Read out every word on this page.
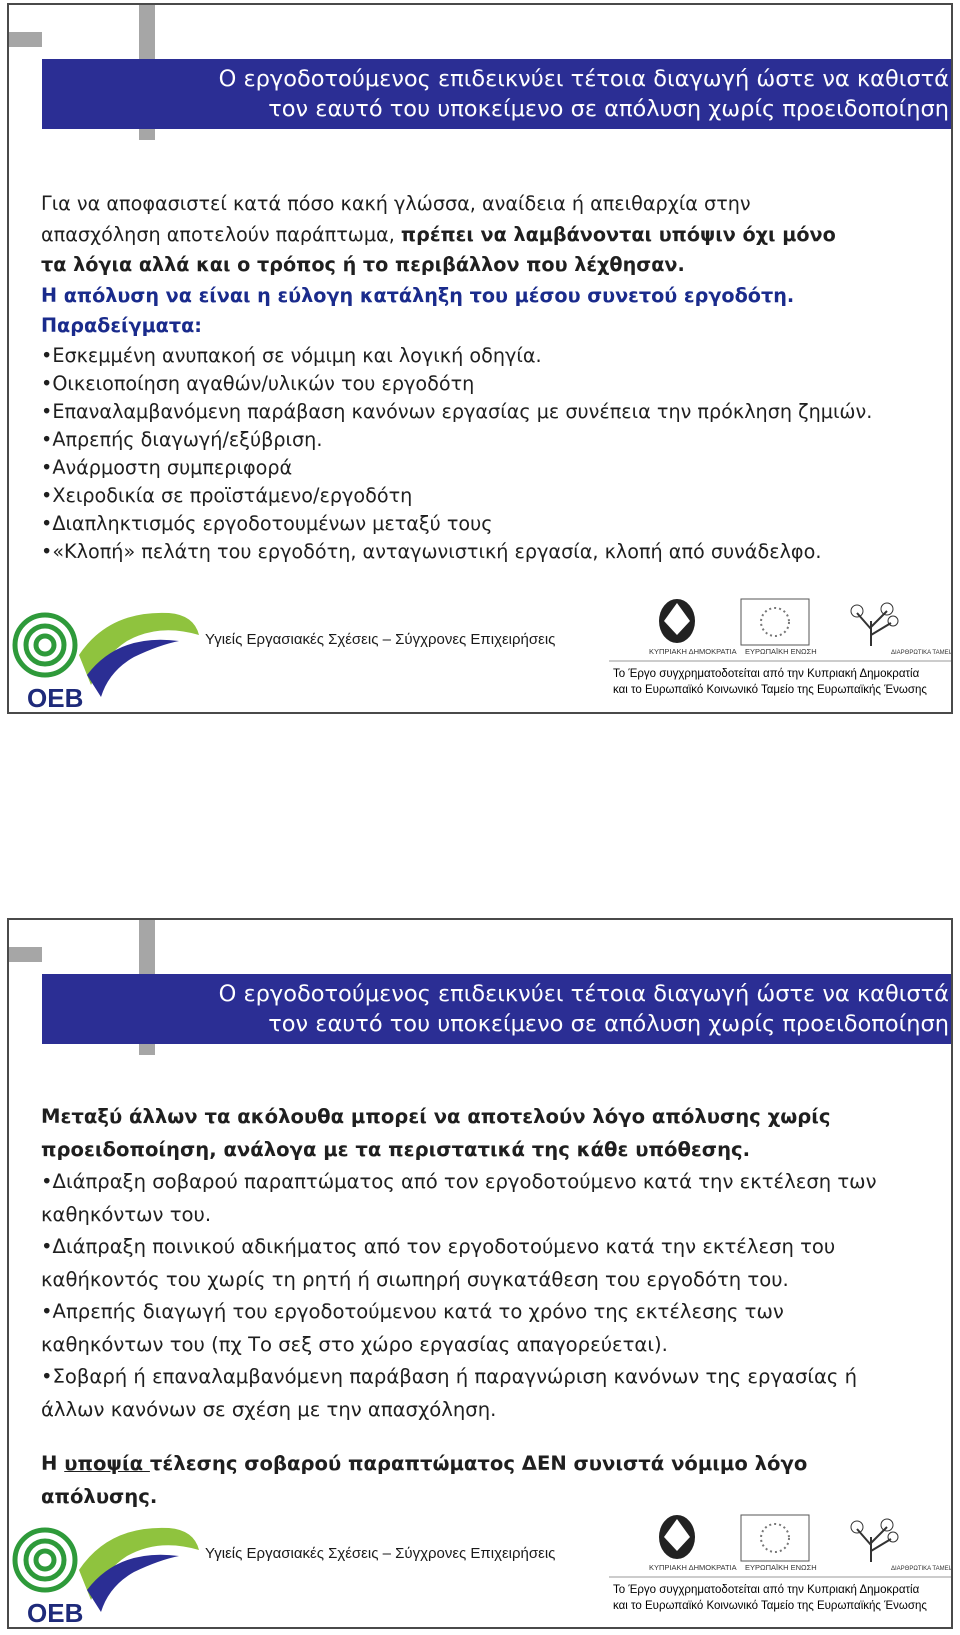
Ο εργοδοτούμενος επιδεικνύει τέτοια διαγωγή ώστε να καθιστά
τον εαυτό του υποκείμενο σε απόλυση χωρίς προειδοποίηση

Για να αποφασιστεί κατά πόσο κακή γλώσσα, αναίδεια ή απειθαρχία στην

απασχόληση αποτελούν παράπτωμα, πρέπει να λαμβάνονται υπόψιν όχι μόνο

τα λόγια αλλά και ο τρόπος ή το περιβάλλον που λέχθησαν.

Η απόλυση να είναι η εύλογη κατάληξη του μέσου συνετού εργοδότη.

Παραδείγματα:

•Εσκεμμένη ανυπακοή σε νόμιμη και λογική οδηγία.

•Οικειοποίηση αγαθών/υλικών του εργοδότη

•Επαναλαμβανόμενη παράβαση κανόνων εργασίας με συνέπεια την πρόκληση ζημιών.

•Απρεπής διαγωγή/εξύβριση.

•Ανάρμοστη συμπεριφορά

•Χειροδικία σε προϊστάμενο/εργοδότη

•Διαπληκτισμός εργοδοτουμένων μεταξύ τους

•«Κλοπή» πελάτη του εργοδότη, ανταγωνιστική εργασία, κλοπή από συνάδελφο.

OEB
Υγιείς Εργασιακές Σχέσεις – Σύγχρονες Επιχειρήσεις
ΚΥΠΡΙΑΚΗ ΔΗΜΟΚΡΑΤΙΑ ΕΥΡΩΠΑΪΚΗ ΕΝΩΣΗ	ΔΙΑΡΘΡΩΤΙΚΑ ΤΑΜΕΙΑ
Το Έργο συγχρηματοδοτείται από την Κυπριακή Δημοκρατία
και το Ευρωπαϊκό Κοινωνικό Ταμείο της Ευρωπαϊκής Ένωσης
Ο εργοδοτούμενος επιδεικνύει τέτοια διαγωγή ώστε να καθιστά
τον εαυτό του υποκείμενο σε απόλυση χωρίς προειδοποίηση

Μεταξύ άλλων τα ακόλουθα μπορεί να αποτελούν λόγο απόλυσης χωρίς

προειδοποίηση, ανάλογα με τα περιστατικά της κάθε υπόθεσης.

•Διάπραξη σοβαρού παραπτώματος από τον εργοδοτούμενο κατά την εκτέλεση των

καθηκόντων του.

•Διάπραξη ποινικού αδικήματος από τον εργοδοτούμενο κατά την εκτέλεση του

καθήκοντός του χωρίς τη ρητή ή σιωπηρή συγκατάθεση του εργοδότη του.

•Απρεπής διαγωγή του εργοδοτούμενου κατά το χρόνο της εκτέλεσης των

καθηκόντων του (πχ Το σεξ στο χώρο εργασίας απαγορεύεται).

•Σοβαρή ή επαναλαμβανόμενη παράβαση ή παραγνώριση κανόνων της εργασίας ή

άλλων κανόνων σε σχέση με την απασχόληση.

Η υποψία τέλεσης σοβαρού παραπτώματος ΔΕΝ συνιστά νόμιμο λόγο

απόλυσης.

OEB
Υγιείς Εργασιακές Σχέσεις – Σύγχρονες Επιχειρήσεις
ΚΥΠΡΙΑΚΗ ΔΗΜΟΚΡΑΤΙΑ ΕΥΡΩΠΑΪΚΗ ΕΝΩΣΗ	ΔΙΑΡΘΡΩΤΙΚΑ ΤΑΜΕΙΑ
Το Έργο συγχρηματοδοτείται από την Κυπριακή Δημοκρατία
και το Ευρωπαϊκό Κοινωνικό Ταμείο της Ευρωπαϊκής Ένωσης
